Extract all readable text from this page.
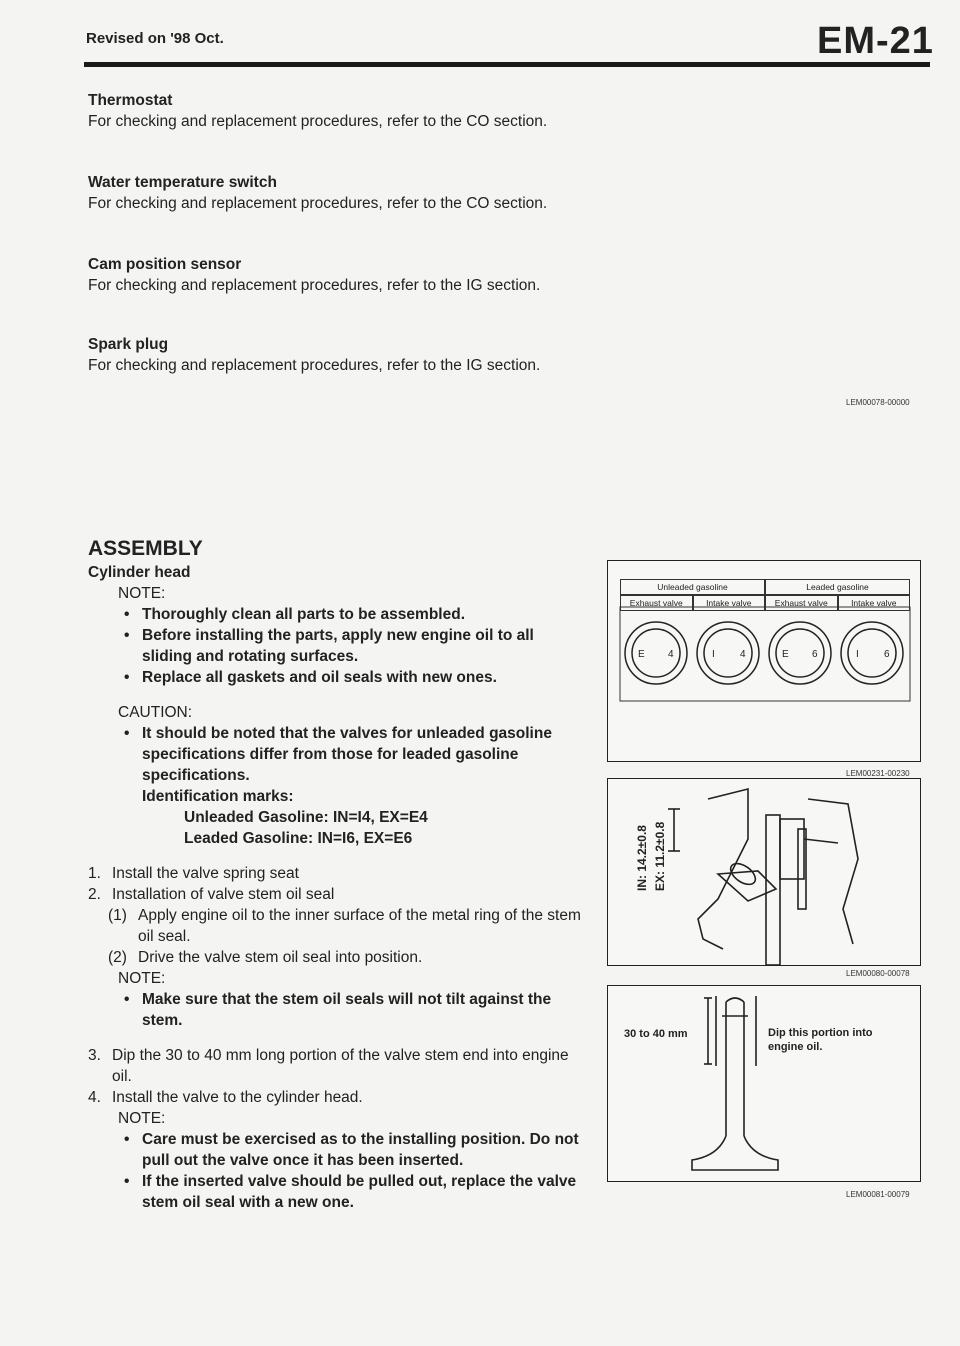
Revised on '98 Oct.	EM-21
Thermostat
For checking and replacement procedures, refer to the CO section.
Water temperature switch
For checking and replacement procedures, refer to the CO section.
Cam position sensor
For checking and replacement procedures, refer to the IG section.
Spark plug
For checking and replacement procedures, refer to the IG section.
LEM00078-00000
ASSEMBLY
Cylinder head
NOTE:
• Thoroughly clean all parts to be assembled.
• Before installing the parts, apply new engine oil to all sliding and rotating surfaces.
• Replace all gaskets and oil seals with new ones.
CAUTION:
• It should be noted that the valves for unleaded gasoline specifications differ from those for leaded gasoline specifications.
Identification marks:
Unleaded Gasoline: IN=I4, EX=E4
Leaded Gasoline: IN=I6, EX=E6
1. Install the valve spring seat
2. Installation of valve stem oil seal
(1) Apply engine oil to the inner surface of the metal ring of the stem oil seal.
(2) Drive the valve stem oil seal into position.
NOTE:
• Make sure that the stem oil seals will not tilt against the stem.
3. Dip the 30 to 40 mm long portion of the valve stem end into engine oil.
4. Install the valve to the cylinder head.
NOTE:
• Care must be exercised as to the installing position. Do not pull out the valve once it has been inserted.
• If the inserted valve should be pulled out, replace the valve stem oil seal with a new one.
Unleaded gasoline	Leaded gasoline
Exhaust valve	Intake valve	Exhaust valve	Intake valve
E 4	I	4	E 6	I	6
LEM00231-00230
IN: 14.2±0.8 EX: 11.2±0.8
LEM00080-00078
30 to 40 mm	Dip this portion into engine oil.
LEM00081-00079
